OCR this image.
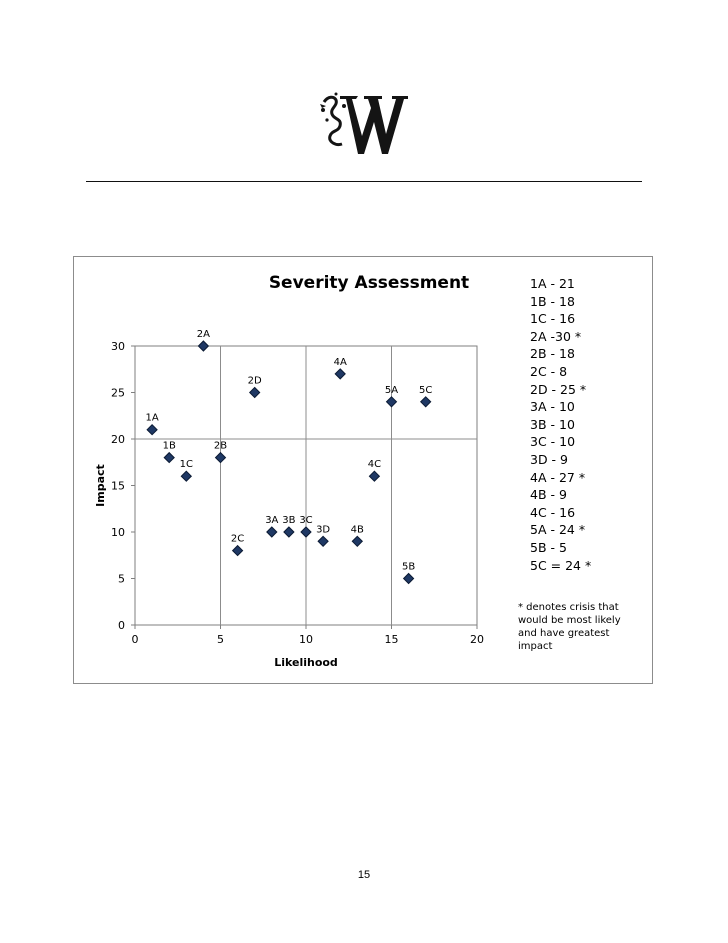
0
5
10
15
20
25
30
0	5	10	15	20
Likelihood
Impact
1A
1B
1C
2A
2B
2C
2D
3A 3B 3C
3D
4A
4B
4C
5A
5B
5C
Severity Assessment	1A - 21
1B - 18
1C - 16
2A -30 *
2B - 18
2C - 8
2D - 25 *
3A - 10
3B - 10
3C - 10
3D - 9
4A - 27 *
4B - 9
4C - 16
5A - 24 *
5B - 5
5C = 24 *
* denotes crisis that would be most likely and have greatest impact
15
